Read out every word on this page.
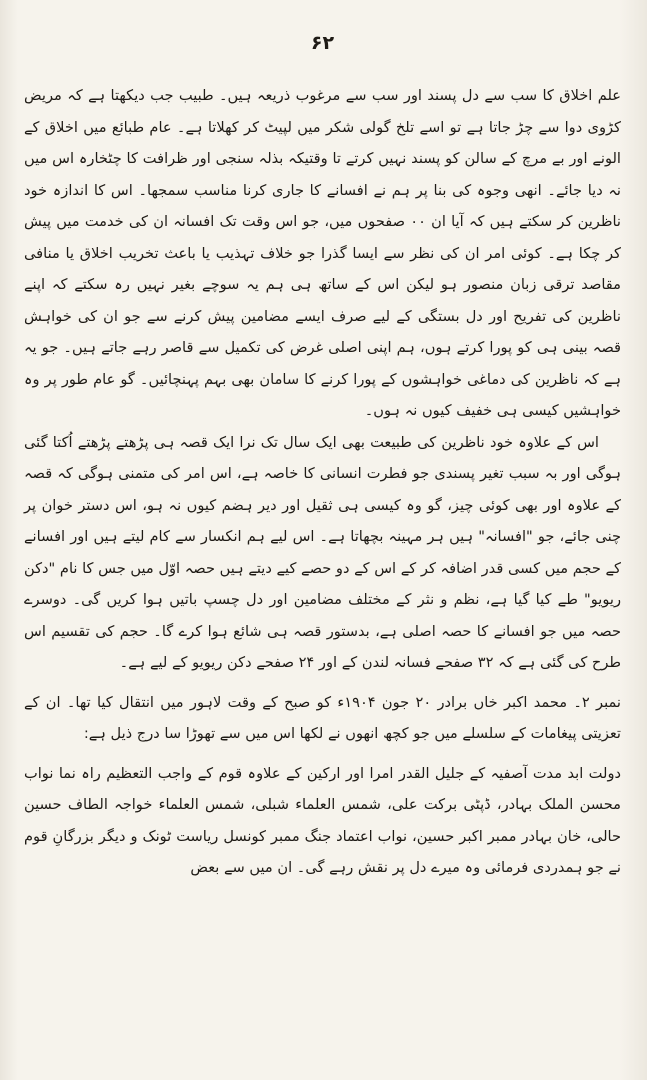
۶۲

علم اخلاق کا سب سے دل پسند اور سب سے مرغوب ذریعہ ہیں۔ طبیب جب دیکھتا ہے کہ مریض کڑوی دوا سے چڑ جاتا ہے تو اسے تلخ گولی شکر میں لپیٹ کر کھلاتا ہے۔ عام طبائع میں اخلاق کے الونے اور بے مرچ کے سالن کو پسند نہیں کرتے تا وقتیکہ بذلہ سنجی اور ظرافت کا چٹخارہ اس میں نہ دیا جائے۔ انھی وجوہ کی بنا پر ہم نے افسانے کا جاری کرنا مناسب سمجھا۔ اس کا اندازہ خود ناظرین کر سکتے ہیں کہ آیا ان ۰۰ صفحوں میں، جو اس وقت تک افسانہ ان کی خدمت میں پیش کر چکا ہے۔ کوئی امر ان کی نظر سے ایسا گذرا جو خلاف تہذیب یا باعث تخریب اخلاق یا منافی مقاصد ترقی زبان منصور ہو لیکن اس کے ساتھ ہی ہم یہ سوچے بغیر نہیں رہ سکتے کہ اپنے ناظرین کی تفریح اور دل بستگی کے لیے صرف ایسے مضامین پیش کرنے سے جو ان کی خواہش قصہ بینی ہی کو پورا کرتے ہوں، ہم اپنی اصلی غرض کی تکمیل سے قاصر رہے جاتے ہیں۔ جو یہ ہے کہ ناظرین کی دماغی خواہشوں کے پورا کرنے کا سامان بھی بہم پہنچائیں۔ گو عام طور پر وہ خواہشیں کیسی ہی خفیف کیوں نہ ہوں۔

اس کے علاوہ خود ناظرین کی طبیعت بھی ایک سال تک نرا ایک قصہ ہی پڑھتے پڑھتے اُکتا گئی ہوگی اور بہ سبب تغیر پسندی جو فطرت انسانی کا خاصہ ہے، اس امر کی متمنی ہوگی کہ قصہ کے علاوہ اور بھی کوئی چیز، گو وہ کیسی ہی ثقیل اور دیر ہضم کیوں نہ ہو، اس دستر خوان پر چنی جائے، جو "افسانہ" ہیں ہر مہینہ بچھاتا ہے۔ اس لیے ہم انکسار سے کام لیتے ہیں اور افسانے کے حجم میں کسی قدر اضافہ کر کے اس کے دو حصے کیے دیتے ہیں حصہ اوّل میں جس کا نام "دکن ریویو" طے کیا گیا ہے، نظم و نثر کے مختلف مضامین اور دل چسپ باتیں ہوا کریں گی۔ دوسرے حصہ میں جو افسانے کا حصہ اصلی ہے، بدستور قصہ ہی شائع ہوا کرے گا۔ حجم کی تقسیم اس طرح کی گئی ہے کہ ۳۲ صفحے فسانہ لندن کے اور ۲۴ صفحے دکن ریویو کے لیے ہے۔

نمبر ۲۔ محمد اکبر خاں برادر ۲۰ جون ۱۹۰۴ء کو صبح کے وقت لاہور میں انتقال کیا تھا۔ ان کے تعزیتی پیغامات کے سلسلے میں جو کچھ انھوں نے لکھا اس میں سے تھوڑا سا درج ذیل ہے:

دولت ابد مدت آصفیہ کے جلیل القدر امرا اور ارکین کے علاوہ قوم کے واجب التعظیم راہ نما نواب محسن الملک بہادر، ڈپٹی برکت علی، شمس العلماء شبلی، شمس العلماء خواجہ الطاف حسین حالی، خان بہادر ممبر اکبر حسین، نواب اعتماد جنگ ممبر کونسل ریاست ٹونک و دیگر بزرگانِ قوم نے جو ہمدردی فرمائی وہ میرے دل پر نقش رہے گی۔ ان میں سے بعض
